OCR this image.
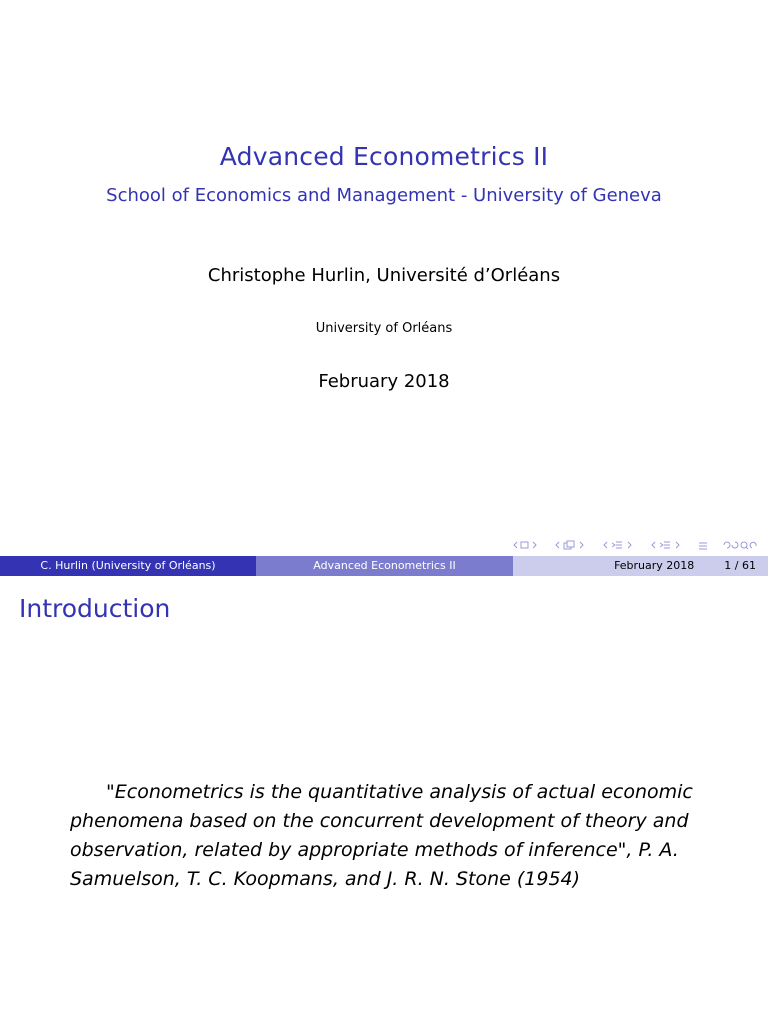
Advanced Econometrics II
School of Economics and Management - University of Geneva
Christophe Hurlin, Université d’Orléans
University of Orléans
February 2018
C. Hurlin (University of Orléans)	Advanced Econometrics II	February 2018	1 / 61
Introduction
"Econometrics is the quantitative analysis of actual economic phenomena based on the concurrent development of theory and observation, related by appropriate methods of inference", P. A. Samuelson, T. C. Koopmans, and J. R. N. Stone (1954)
